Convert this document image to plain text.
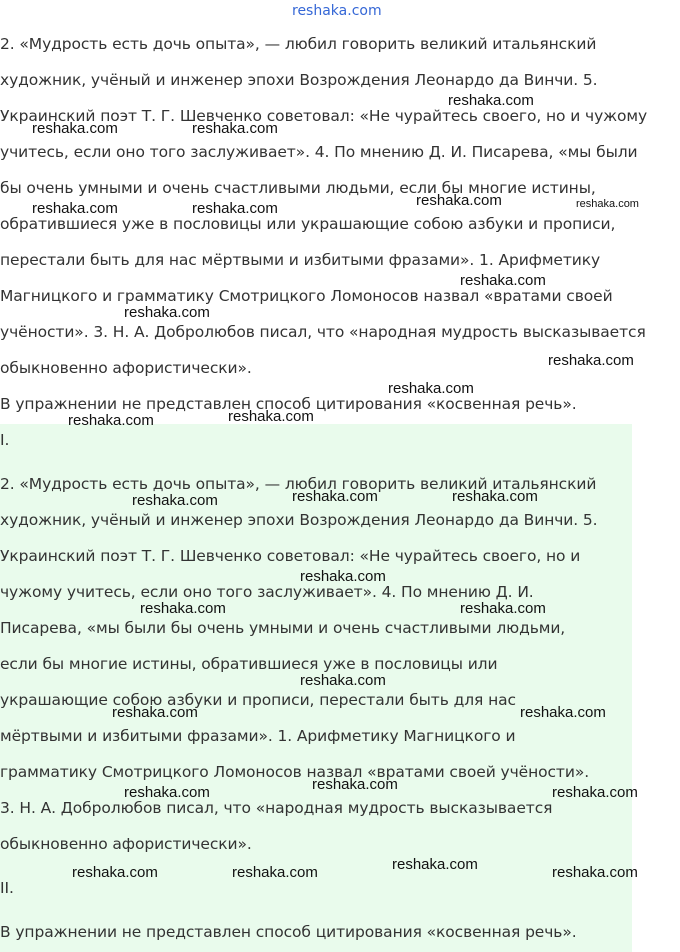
reshaka.com

2. «Мудрость есть дочь опыта», — любил говорить великий итальянский

художник, учёный и инженер эпохи Возрождения Леонардо да Винчи. 5.

Украинский поэт Т. Г. Шевченко советовал: «Не чурайтесь своего, но и чужому

учитесь, если оно того заслуживает». 4. По мнению Д. И. Писарева, «мы были

бы очень умными и очень счастливыми людьми, если бы многие истины,

обратившиеся уже в пословицы или украшающие собою азбуки и прописи,

перестали быть для нас мёртвыми и избитыми фразами». 1. Арифметику

Магницкого и грамматику Смотрицкого Ломоносов назвал «вратами своей

учёности». 3. Н. А. Добролюбов писал, что «народная мудрость высказывается

обыкновенно афористически».

В упражнении не представлен способ цитирования «косвенная речь».

I.

2. «Мудрость есть дочь опыта», — любил говорить великий итальянский

художник, учёный и инженер эпохи Возрождения Леонардо да Винчи. 5.

Украинский поэт Т. Г. Шевченко советовал: «Не чурайтесь своего, но и

чужому учитесь, если оно того заслуживает». 4. По мнению Д. И.

Писарева, «мы были бы очень умными и очень счастливыми людьми,

если бы многие истины, обратившиеся уже в пословицы или

украшающие собою азбуки и прописи, перестали быть для нас

мёртвыми и избитыми фразами». 1. Арифметику Магницкого и

грамматику Смотрицкого Ломоносов назвал «вратами своей учёности».

3. Н. А. Добролюбов писал, что «народная мудрость высказывается

обыкновенно афористически».

II.

В упражнении не представлен способ цитирования «косвенная речь».

reshaka.com
reshaka.com	reshaka.com
reshaka.com	reshaka.com
reshaka.com	reshaka.com
reshaka.com
reshaka.com
reshaka.com
reshaka.com
reshaka.com
reshaka.com
reshaka.com	reshaka.com
reshaka.com
reshaka.com
reshaka.com	reshaka.com
reshaka.com
reshaka.com	reshaka.com
reshaka.com
reshaka.com	reshaka.com
reshaka.com
reshaka.com	reshaka.com	reshaka.com
